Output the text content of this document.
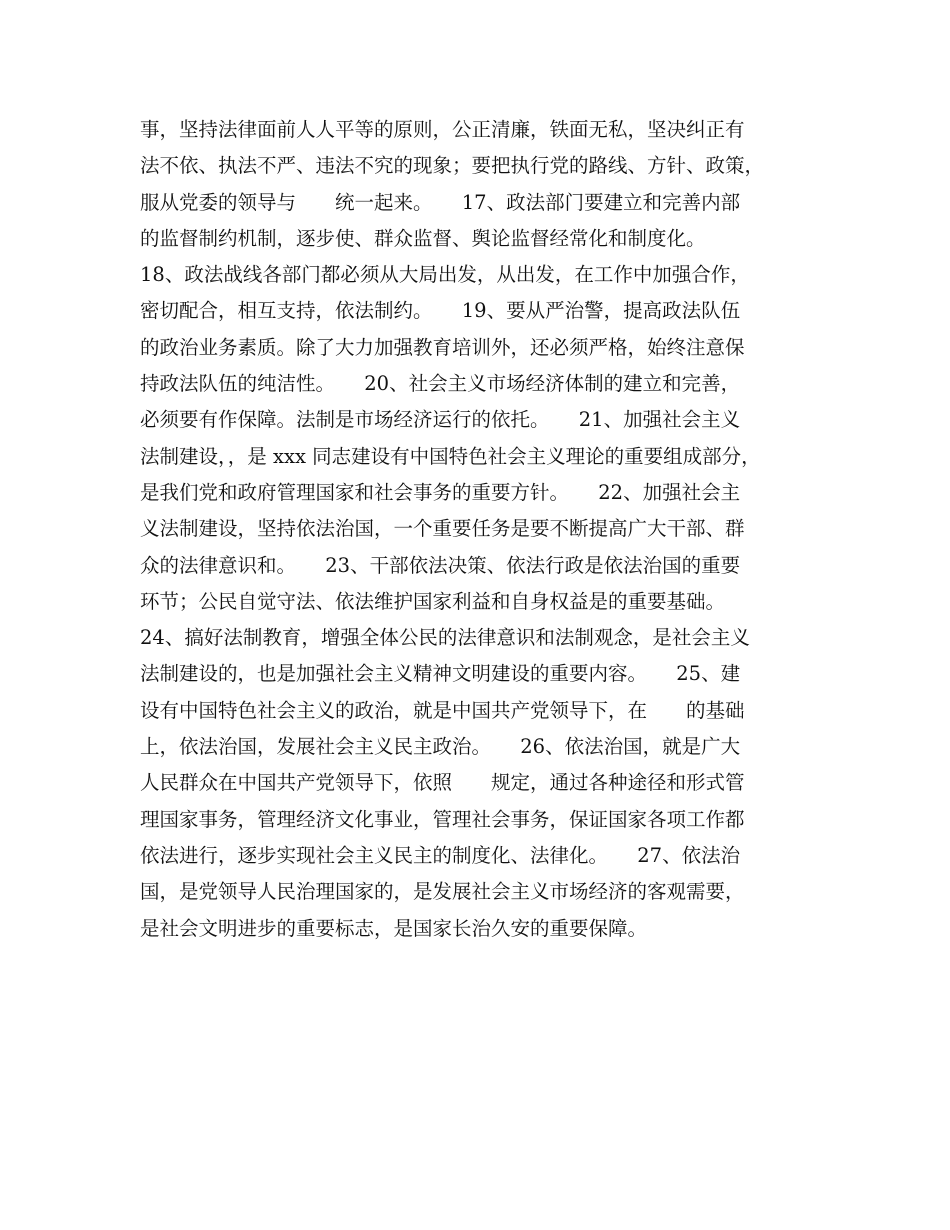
事，坚持法律面前人人平等的原则，公正清廉，铁面无私，坚决纠正有
法不依、执法不严、违法不究的现象；要把执行党的路线、方针、政策，
服从党委的领导与　　统一起来。　　17、政法部门要建立和完善内部
的监督制约机制，逐步使、群众监督、舆论监督经常化和制度化。
18、政法战线各部门都必须从大局出发，从出发，在工作中加强合作，
密切配合，相互支持，依法制约。　　19、要从严治警，提高政法队伍
的政治业务素质。除了大力加强教育培训外，还必须严格，始终注意保
持政法队伍的纯洁性。　　20、社会主义市场经济体制的建立和完善，
必须要有作保障。法制是市场经济运行的依托。　　21、加强社会主义
法制建设，，是 xxx 同志建设有中国特色社会主义理论的重要组成部分，
是我们党和政府管理国家和社会事务的重要方针。　　22、加强社会主
义法制建设，坚持依法治国，一个重要任务是要不断提高广大干部、群
众的法律意识和。　　23、干部依法决策、依法行政是依法治国的重要
环节；公民自觉守法、依法维护国家利益和自身权益是的重要基础。
24、搞好法制教育，增强全体公民的法律意识和法制观念，是社会主义
法制建设的，也是加强社会主义精神文明建设的重要内容。　　25、建
设有中国特色社会主义的政治，就是中国共产党领导下，在　　的基础
上，依法治国，发展社会主义民主政治。　　26、依法治国，就是广大
人民群众在中国共产党领导下，依照　　规定，通过各种途径和形式管
理国家事务，管理经济文化事业，管理社会事务，保证国家各项工作都
依法进行，逐步实现社会主义民主的制度化、法律化。　　27、依法治
国，是党领导人民治理国家的，是发展社会主义市场经济的客观需要，
是社会文明进步的重要标志，是国家长治久安的重要保障。
